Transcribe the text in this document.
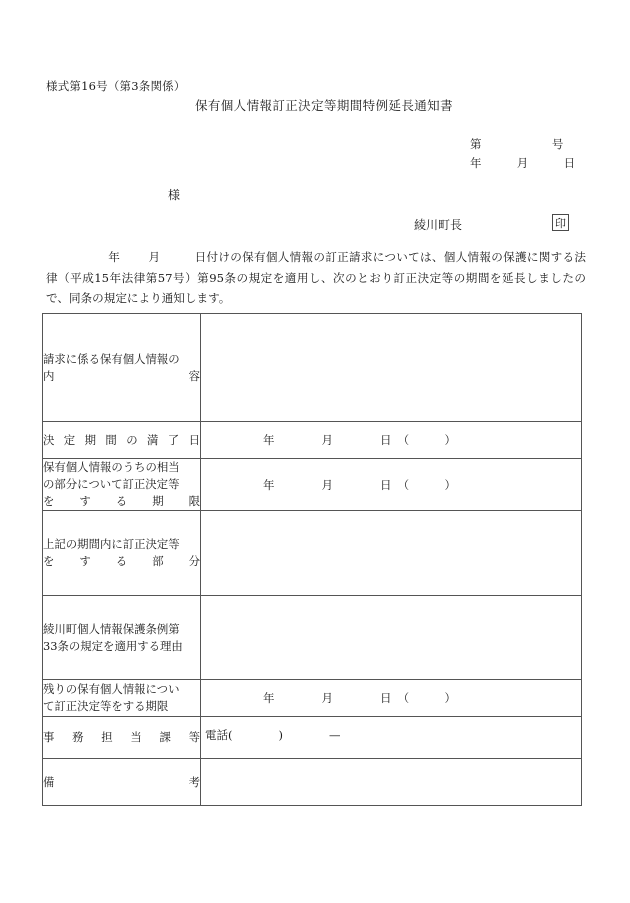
様式第16号（第3条関係）
保有個人情報訂正決定等期間特例延長通知書
第　　　　　　号
年　　　月　　　日
様
綾川町長	印
年 月	日付けの保有個人情報の訂正請求については、個人情報の保護に関する法律（平成15年法律第57号）第95条の規定を適用し、次のとおり訂正決定等の期間を延長しましたので、同条の規定により通知します。
請求に係る保有個人情報の
内　　　　　　　　　　容	

決定期間の満了日	年　　　　月　　　　日　（　　　）

保有個人情報のうちの相当
の部分について訂正決定等
を　　す　　る　　期　　限	年　　　　月　　　　日　（　　　）

上記の期間内に訂正決定等
を　　す　　る　　部　　分	

綾川町個人情報保護条例第
33条の規定を適用する理由	

残りの保有個人情報につい
て訂正決定等をする期限	年　　　　月　　　　日　（　　　）

事　務　担　当　課　等	電話(　　　　)　　　　—

備　　　　　　　　　　考	
